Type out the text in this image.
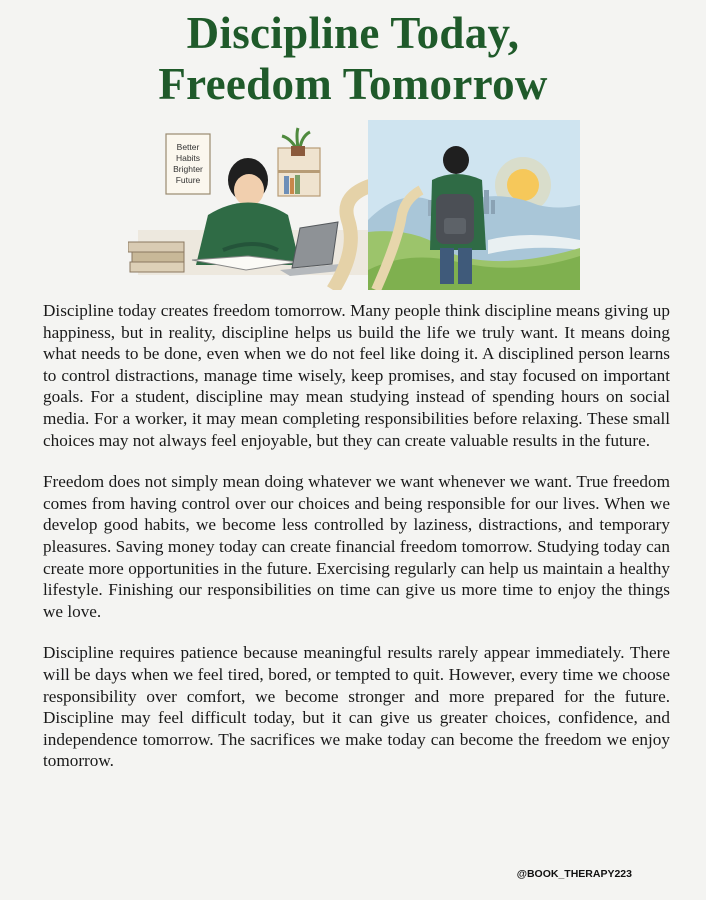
Discipline Today,
Freedom Tomorrow
Better
Habits
Brighter
Future

Discipline today creates freedom tomorrow. Many people think discipline means giving up happiness, but in reality, discipline helps us build the life we truly want. It means doing what needs to be done, even when we do not feel like doing it. A disciplined person learns to control distractions, manage time wisely, keep promises, and stay focused on important goals. For a student, discipline may mean studying instead of spending hours on social media. For a worker, it may mean completing responsibilities before relaxing. These small choices may not always feel enjoyable, but they can create valuable results in the future.

Freedom does not simply mean doing whatever we want whenever we want. True freedom comes from having control over our choices and being responsible for our lives. When we develop good habits, we become less controlled by laziness, distractions, and temporary pleasures. Saving money today can create financial freedom tomorrow. Studying today can create more opportunities in the future. Exercising regularly can help us maintain a healthy lifestyle. Finishing our responsibilities on time can give us more time to enjoy the things we love.

Discipline requires patience because meaningful results rarely appear immediately. There will be days when we feel tired, bored, or tempted to quit. However, every time we choose responsibility over comfort, we become stronger and more prepared for the future. Discipline may feel difficult today, but it can give us greater choices, confidence, and independence tomorrow. The sacrifices we make today can become the freedom we enjoy tomorrow.

@BOOK_THERAPY223
